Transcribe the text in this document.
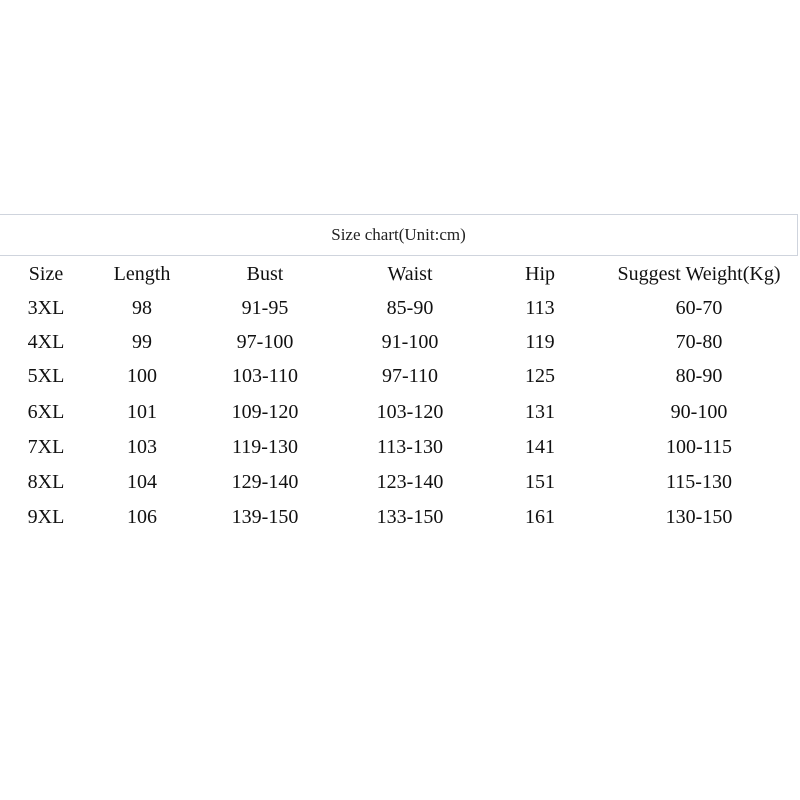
Size chart(Unit:cm)
Size	Length	Bust	Waist	Hip	Suggest Weight(Kg)
3XL	98	91-95	85-90	113	60-70
4XL	99	97-100	91-100	119	70-80
5XL	100	103-110	97-110	125	80-90
6XL	101	109-120	103-120	131	90-100
7XL	103	119-130	113-130	141	100-115
8XL	104	129-140	123-140	151	115-130
9XL	106	139-150	133-150	161	130-150
